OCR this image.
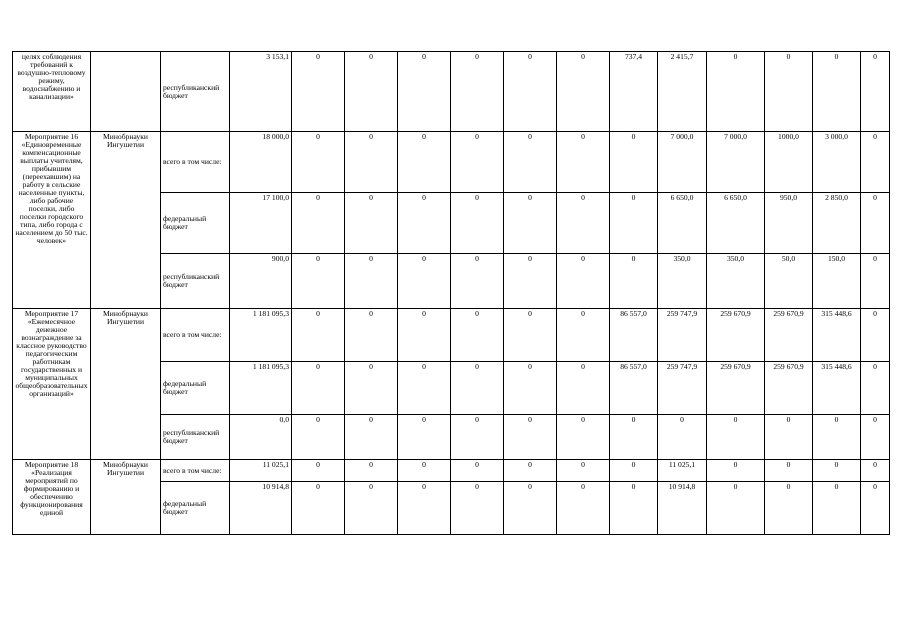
целях соблюдения требований к воздушно-тепловому режиму, водоснабжению и канализации»		республиканский бюджет	3 153,1	0	0	0	0	0	0	737,4	2 415,7	0	0	0	0
Мероприятие 16 «Единовременные компенсационные выплаты учителям, прибывшим (переехавшим) на работу в сельские населенные пункты, либо рабочие поселки, либо поселки городского типа, либо города с населением до 50 тыс. человек»	Минобрнауки Ингушетии	всего в том числе:	18 000,0	0	0	0	0	0	0	0	7 000,0	7 000,0	1000,0	3 000,0	0
		федеральный бюджет	17 100,0	0	0	0	0	0	0	0	6 650,0	6 650,0	950,0	2 850,0	0
		республиканский бюджет	900,0	0	0	0	0	0	0	0	350,0	350,0	50,0	150,0	0
Мероприятие 17 «Ежемесячное денежное вознаграждение за классное руководство педагогическим работникам государственных и муниципальных общеобразовательных организаций»	Минобрнауки Ингушетии	всего в том числе:	1 181 095,3	0	0	0	0	0	0	86 557,0	259 747,9	259 670,9	259 670,9	315 448,6	0
		федеральный бюджет	1 181 095,3	0	0	0	0	0	0	86 557,0	259 747,9	259 670,9	259 670,9	315 448,6	0
		республиканский бюджет	0,0	0	0	0	0	0	0	0	0	0	0	0	0
Мероприятие 18 «Реализация мероприятий по формированию и обеспечению функционирования единой	Минобрнауки Ингушетии	всего в том числе:	11 025,1	0	0	0	0	0	0	0	11 025,1	0	0	0	0
		федеральный бюджет	10 914,8	0	0	0	0	0	0	0	10 914,8	0	0	0	0
